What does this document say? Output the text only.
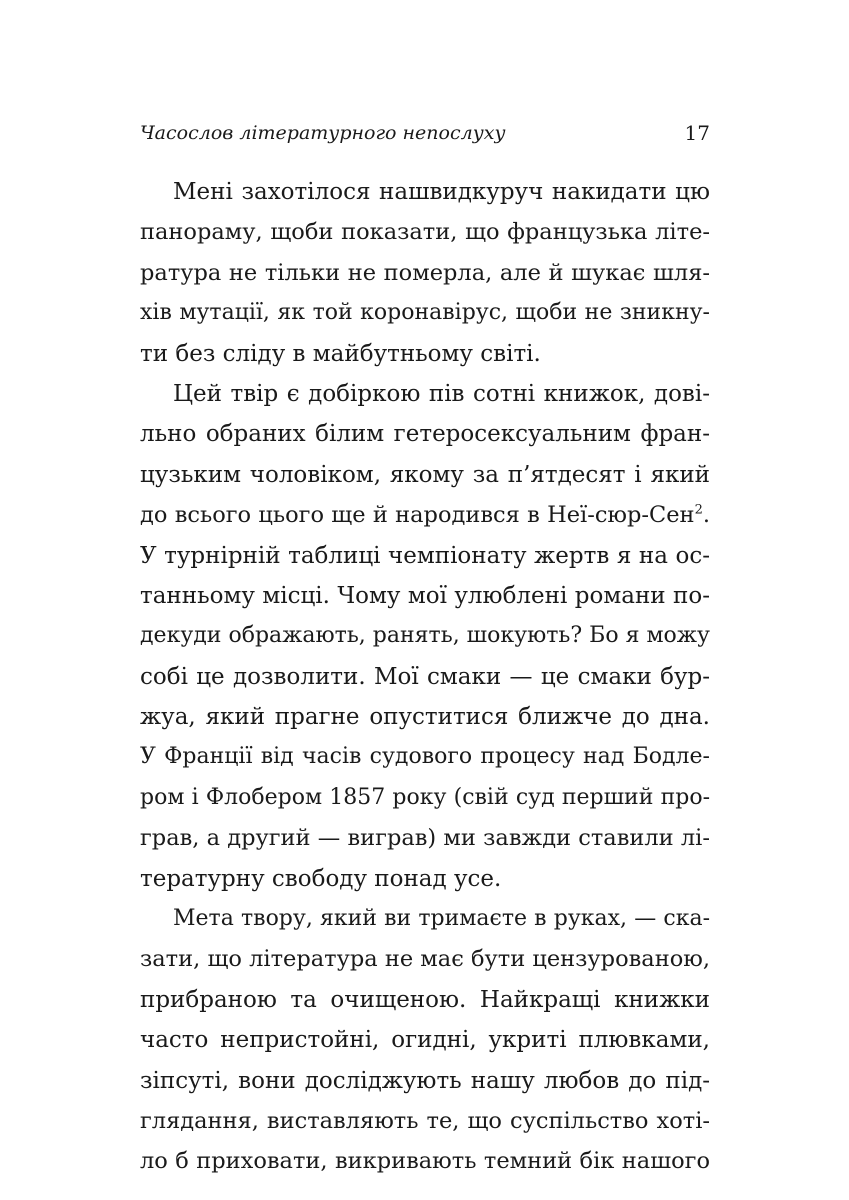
Часослов літературного непослуху	17
Мені захотілося нашвидкуруч накидати цю
панораму, щоби показати, що французька літе-
ратура не тільки не померла, але й шукає шля-
хів мутації, як той коронавірус, щоби не зникну-
ти без сліду в майбутньому світі.
Цей твір є добіркою пів сотні книжок, дові-
льно обраних білим гетеросексуальним фран-
цузьким чоловіком, якому за п’ятдесят і який
до всього цього ще й народився в Неї-сюр-Сен$^2$.
У турнірній таблиці чемпіонату жертв я на ос-
танньому місці. Чому мої улюблені романи по-
декуди ображають, ранять, шокують? Бо я можу
собі це дозволити. Мої смаки — це смаки бур-
жуа, який прагне опуститися ближче до дна.
У Франції від часів судового процесу над Бодле-
ром і Флобером 1857 року (свій суд перший про-
грав, а другий — виграв) ми завжди ставили лі-
тературну свободу понад усе.
Мета твору, який ви тримаєте в руках, — ска-
зати, що література не має бути цензурованою,
прибраною та очищеною. Найкращі книжки
часто непристойні, огидні, укриті плювками,
зіпсуті, вони досліджують нашу любов до під-
глядання, виставляють те, що суспільство хоті-
ло б приховати, викривають темний бік нашого
